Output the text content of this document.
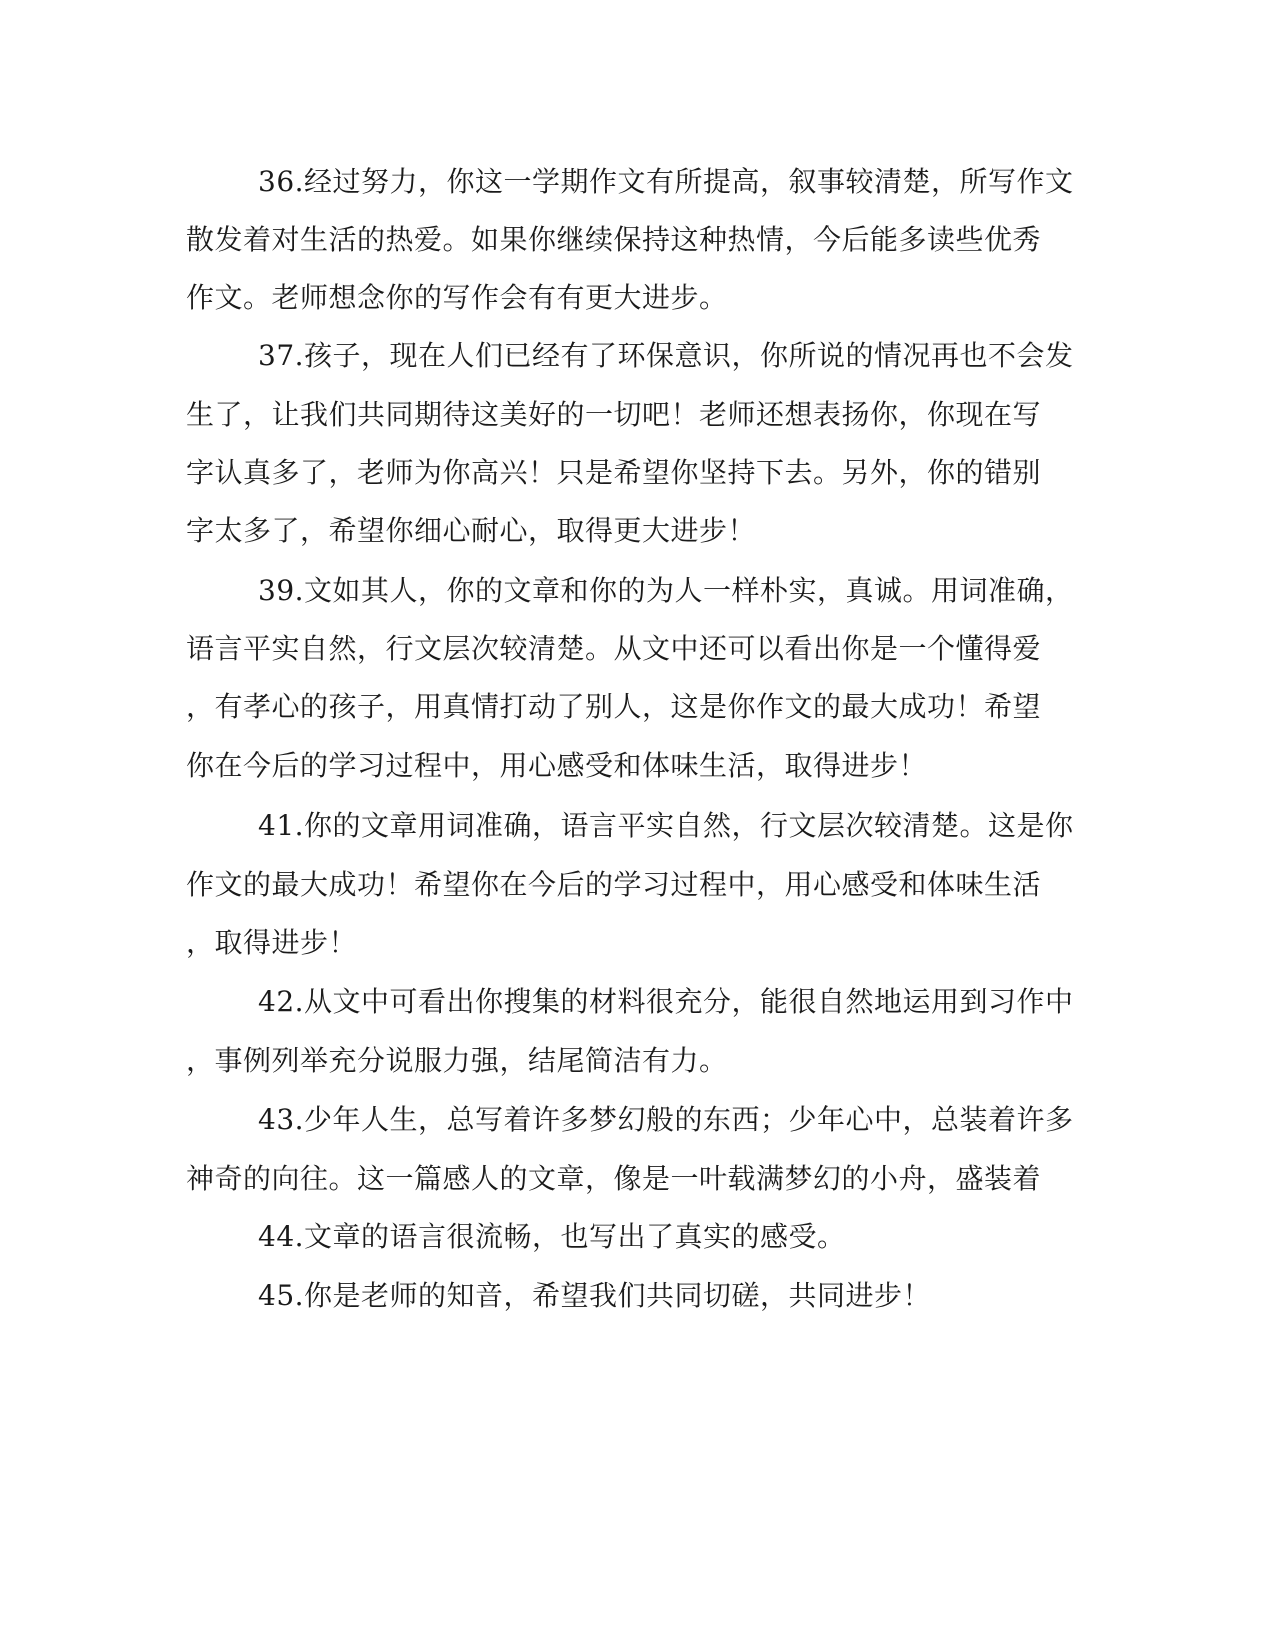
36.经过努力，你这一学期作文有所提高，叙事较清楚，所写作文
散发着对生活的热爱。如果你继续保持这种热情，今后能多读些优秀
作文。老师想念你的写作会有有更大进步。
37.孩子，现在人们已经有了环保意识，你所说的情况再也不会发
生了，让我们共同期待这美好的一切吧！老师还想表扬你，你现在写
字认真多了，老师为你高兴！只是希望你坚持下去。另外，你的错别
字太多了，希望你细心耐心，取得更大进步！
39.文如其人，你的文章和你的为人一样朴实，真诚。用词准确，
语言平实自然，行文层次较清楚。从文中还可以看出你是一个懂得爱
，有孝心的孩子，用真情打动了别人，这是你作文的最大成功！希望
你在今后的学习过程中，用心感受和体味生活，取得进步！
41.你的文章用词准确，语言平实自然，行文层次较清楚。这是你
作文的最大成功！希望你在今后的学习过程中，用心感受和体味生活
，取得进步！
42.从文中可看出你搜集的材料很充分，能很自然地运用到习作中
，事例列举充分说服力强，结尾简洁有力。
43.少年人生，总写着许多梦幻般的东西；少年心中，总装着许多
神奇的向往。这一篇感人的文章，像是一叶载满梦幻的小舟，盛装着
44.文章的语言很流畅，也写出了真实的感受。
45.你是老师的知音，希望我们共同切磋，共同进步！
